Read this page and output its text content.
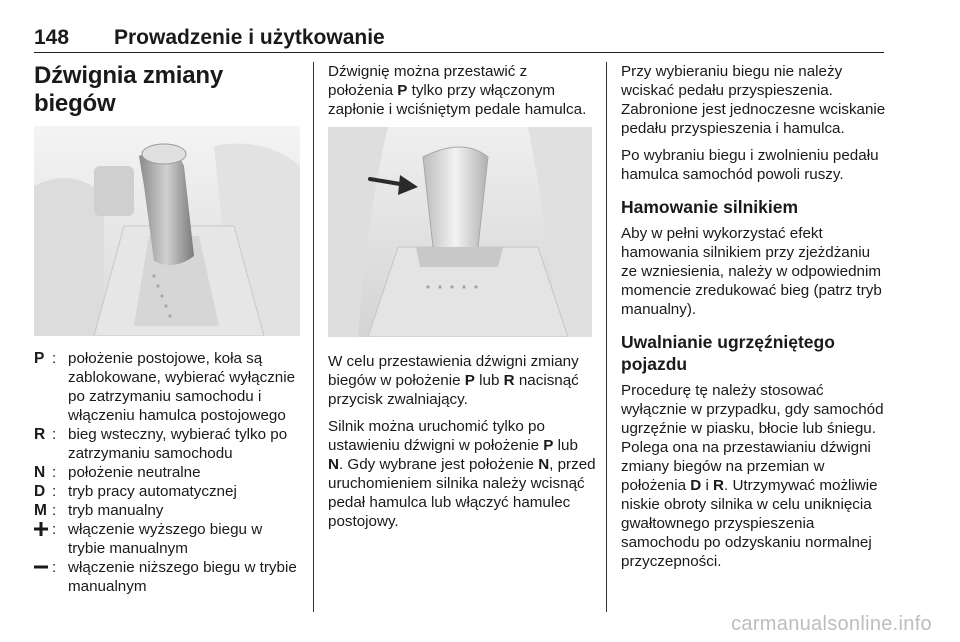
148 Prowadzenie i użytkowanie
Dźwignia zmiany biegów
P : położenie postojowe, koła są zablokowane, wybierać wyłącznie po zatrzymaniu samochodu i włączeniu hamulca postojowego
R : bieg wsteczny, wybierać tylko po zatrzymaniu samochodu
N : położenie neutralne
D : tryb pracy automatycznej
M : tryb manualny
: włączenie wyższego biegu w trybie manualnym
: włączenie niższego biegu w trybie manualnym

Dźwignię można przestawić z położenia P tylko przy włączonym zapłonie i wciśniętym pedale hamulca.

W celu przestawienia dźwigni zmiany biegów w położenie P lub R nacisnąć przycisk zwalniający.

Silnik można uruchomić tylko po ustawieniu dźwigni w położenie P lub N. Gdy wybrane jest położenie N, przed uruchomieniem silnika należy wcisnąć pedał hamulca lub włączyć hamulec postojowy.

Przy wybieraniu biegu nie należy wciskać pedału przyspieszenia. Zabronione jest jednoczesne wciskanie pedału przyspieszenia i hamulca.

Po wybraniu biegu i zwolnieniu pedału hamulca samochód powoli ruszy.

Hamowanie silnikiem

Aby w pełni wykorzystać efekt hamowania silnikiem przy zjeżdżaniu ze wzniesienia, należy w odpowiednim momencie zredukować bieg (patrz tryb manualny).

Uwalnianie ugrzęźniętego pojazdu

Procedurę tę należy stosować wyłącznie w przypadku, gdy samochód ugrzęźnie w piasku, błocie lub śniegu. Polega ona na przestawianiu dźwigni zmiany biegów na przemian w położenia D i R. Utrzymywać możliwie niskie obroty silnika w celu uniknięcia gwałtownego przyspieszenia samochodu po odzyskaniu normalnej przyczepności.

carmanualsonline.info
